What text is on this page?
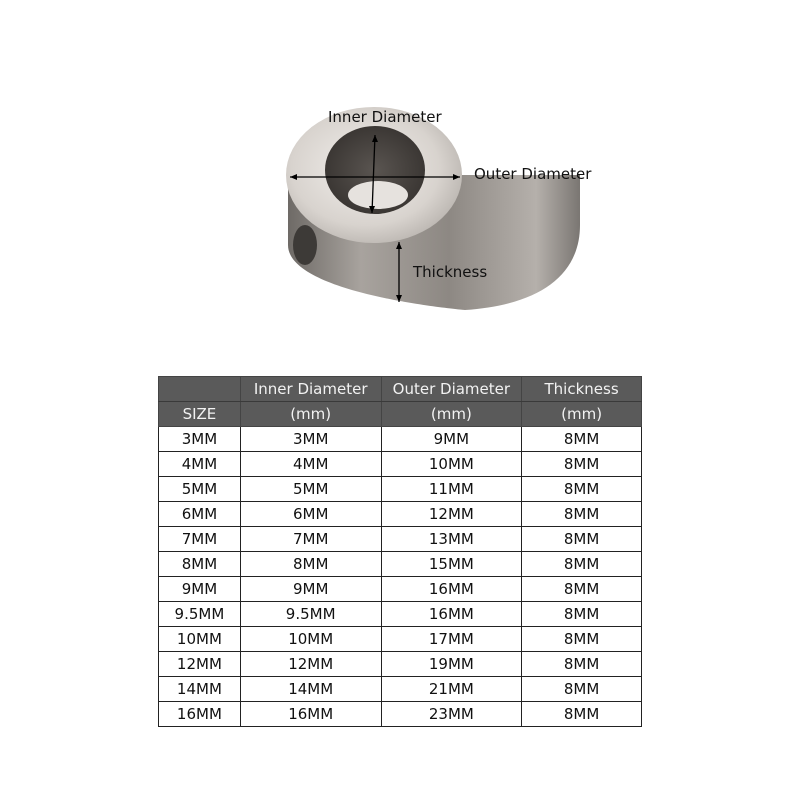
Inner Diameter
Outer Diameter
Thickness
	Inner Diameter	Outer Diameter	Thickness
SIZE	(mm)	(mm)	(mm)
3MM	3MM	9MM	8MM
4MM	4MM	10MM	8MM
5MM	5MM	11MM	8MM
6MM	6MM	12MM	8MM
7MM	7MM	13MM	8MM
8MM	8MM	15MM	8MM
9MM	9MM	16MM	8MM
9.5MM	9.5MM	16MM	8MM
10MM	10MM	17MM	8MM
12MM	12MM	19MM	8MM
14MM	14MM	21MM	8MM
16MM	16MM	23MM	8MM
